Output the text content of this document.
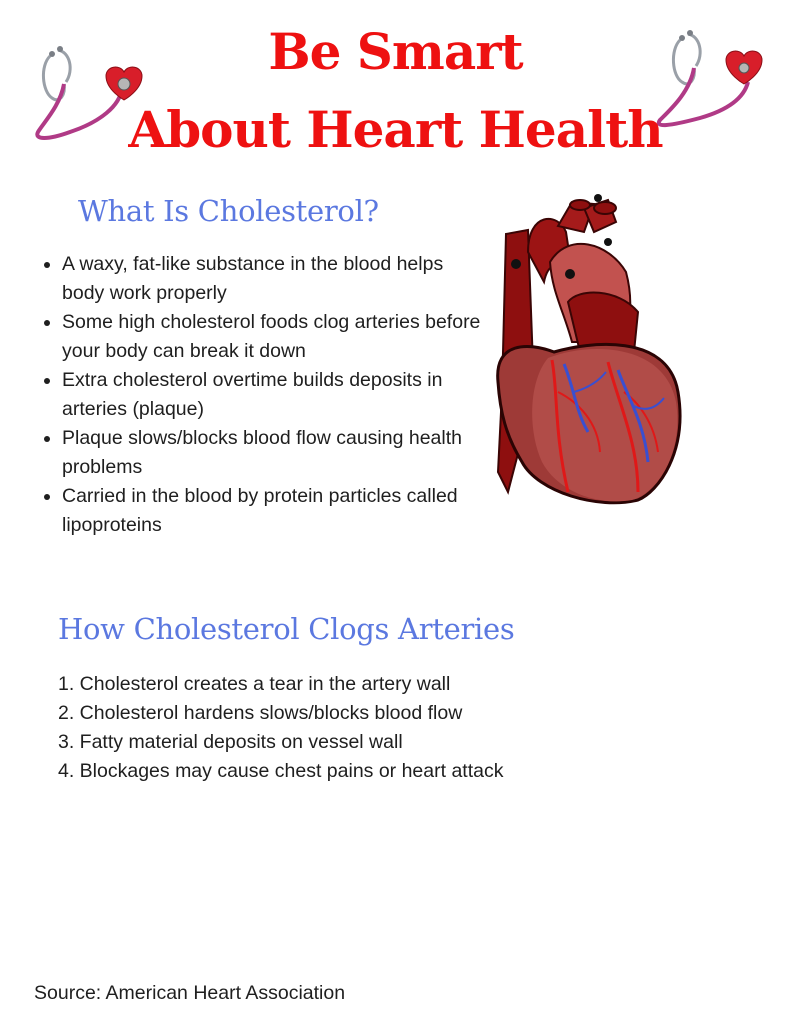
Be Smart
About Heart Health
What Is Cholesterol?
• A waxy, fat-like substance in the blood helps body work properly
• Some high cholesterol foods clog arteries before your body can break it down
• Extra cholesterol overtime builds deposits in arteries (plaque)
• Plaque slows/blocks blood flow causing health problems
• Carried in the blood by protein particles called lipoproteins
How Cholesterol Clogs Arteries
1. Cholesterol creates a tear in the artery wall
2. Cholesterol hardens slows/blocks blood flow
3. Fatty material deposits on vessel wall
4. Blockages may cause chest pains or heart attack

Source: American Heart Association
